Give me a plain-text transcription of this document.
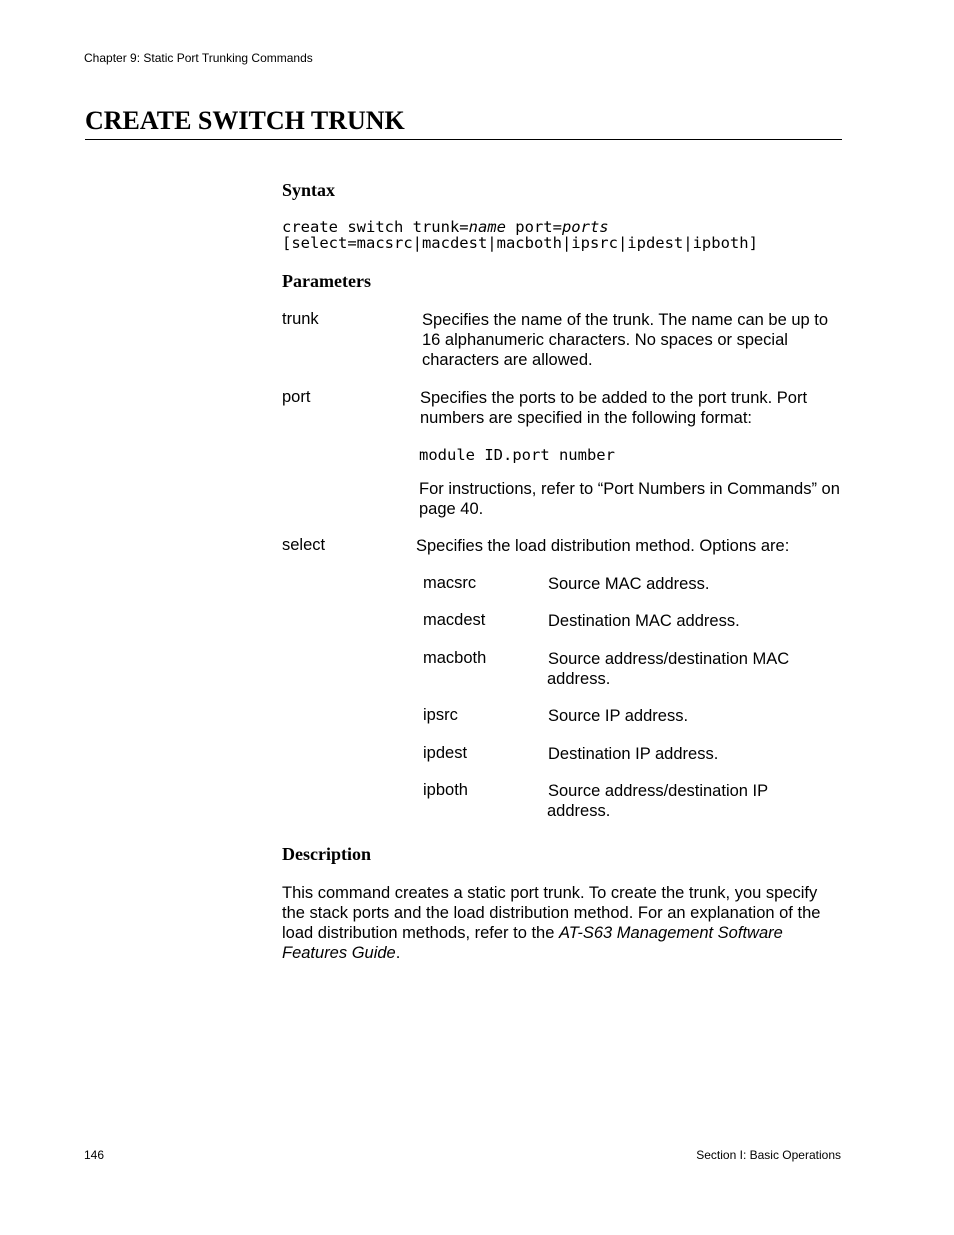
Chapter 9: Static Port Trunking Commands
CREATE SWITCH TRUNK
Syntax
create switch trunk=name port=ports
[select=macsrc|macdest|macboth|ipsrc|ipdest|ipboth]
Parameters
trunk	Specifies the name of the trunk. The name can be up to 16 alphanumeric characters. No spaces or special characters are allowed.
port	Specifies the ports to be added to the port trunk. Port numbers are specified in the following format:
module ID.port number
For instructions, refer to “Port Numbers in Commands” on page 40.
select	Specifies the load distribution method. Options are:
macsrc	Source MAC address.
macdest	Destination MAC address.
macboth	Source address/destination MAC
address.
ipsrc	Source IP address.
ipdest	Destination IP address.
ipboth	Source address/destination IP
address.
Description
This command creates a static port trunk. To create the trunk, you specify the stack ports and the load distribution method. For an explanation of the load distribution methods, refer to the AT-S63 Management Software Features Guide.
146	Section I: Basic Operations
